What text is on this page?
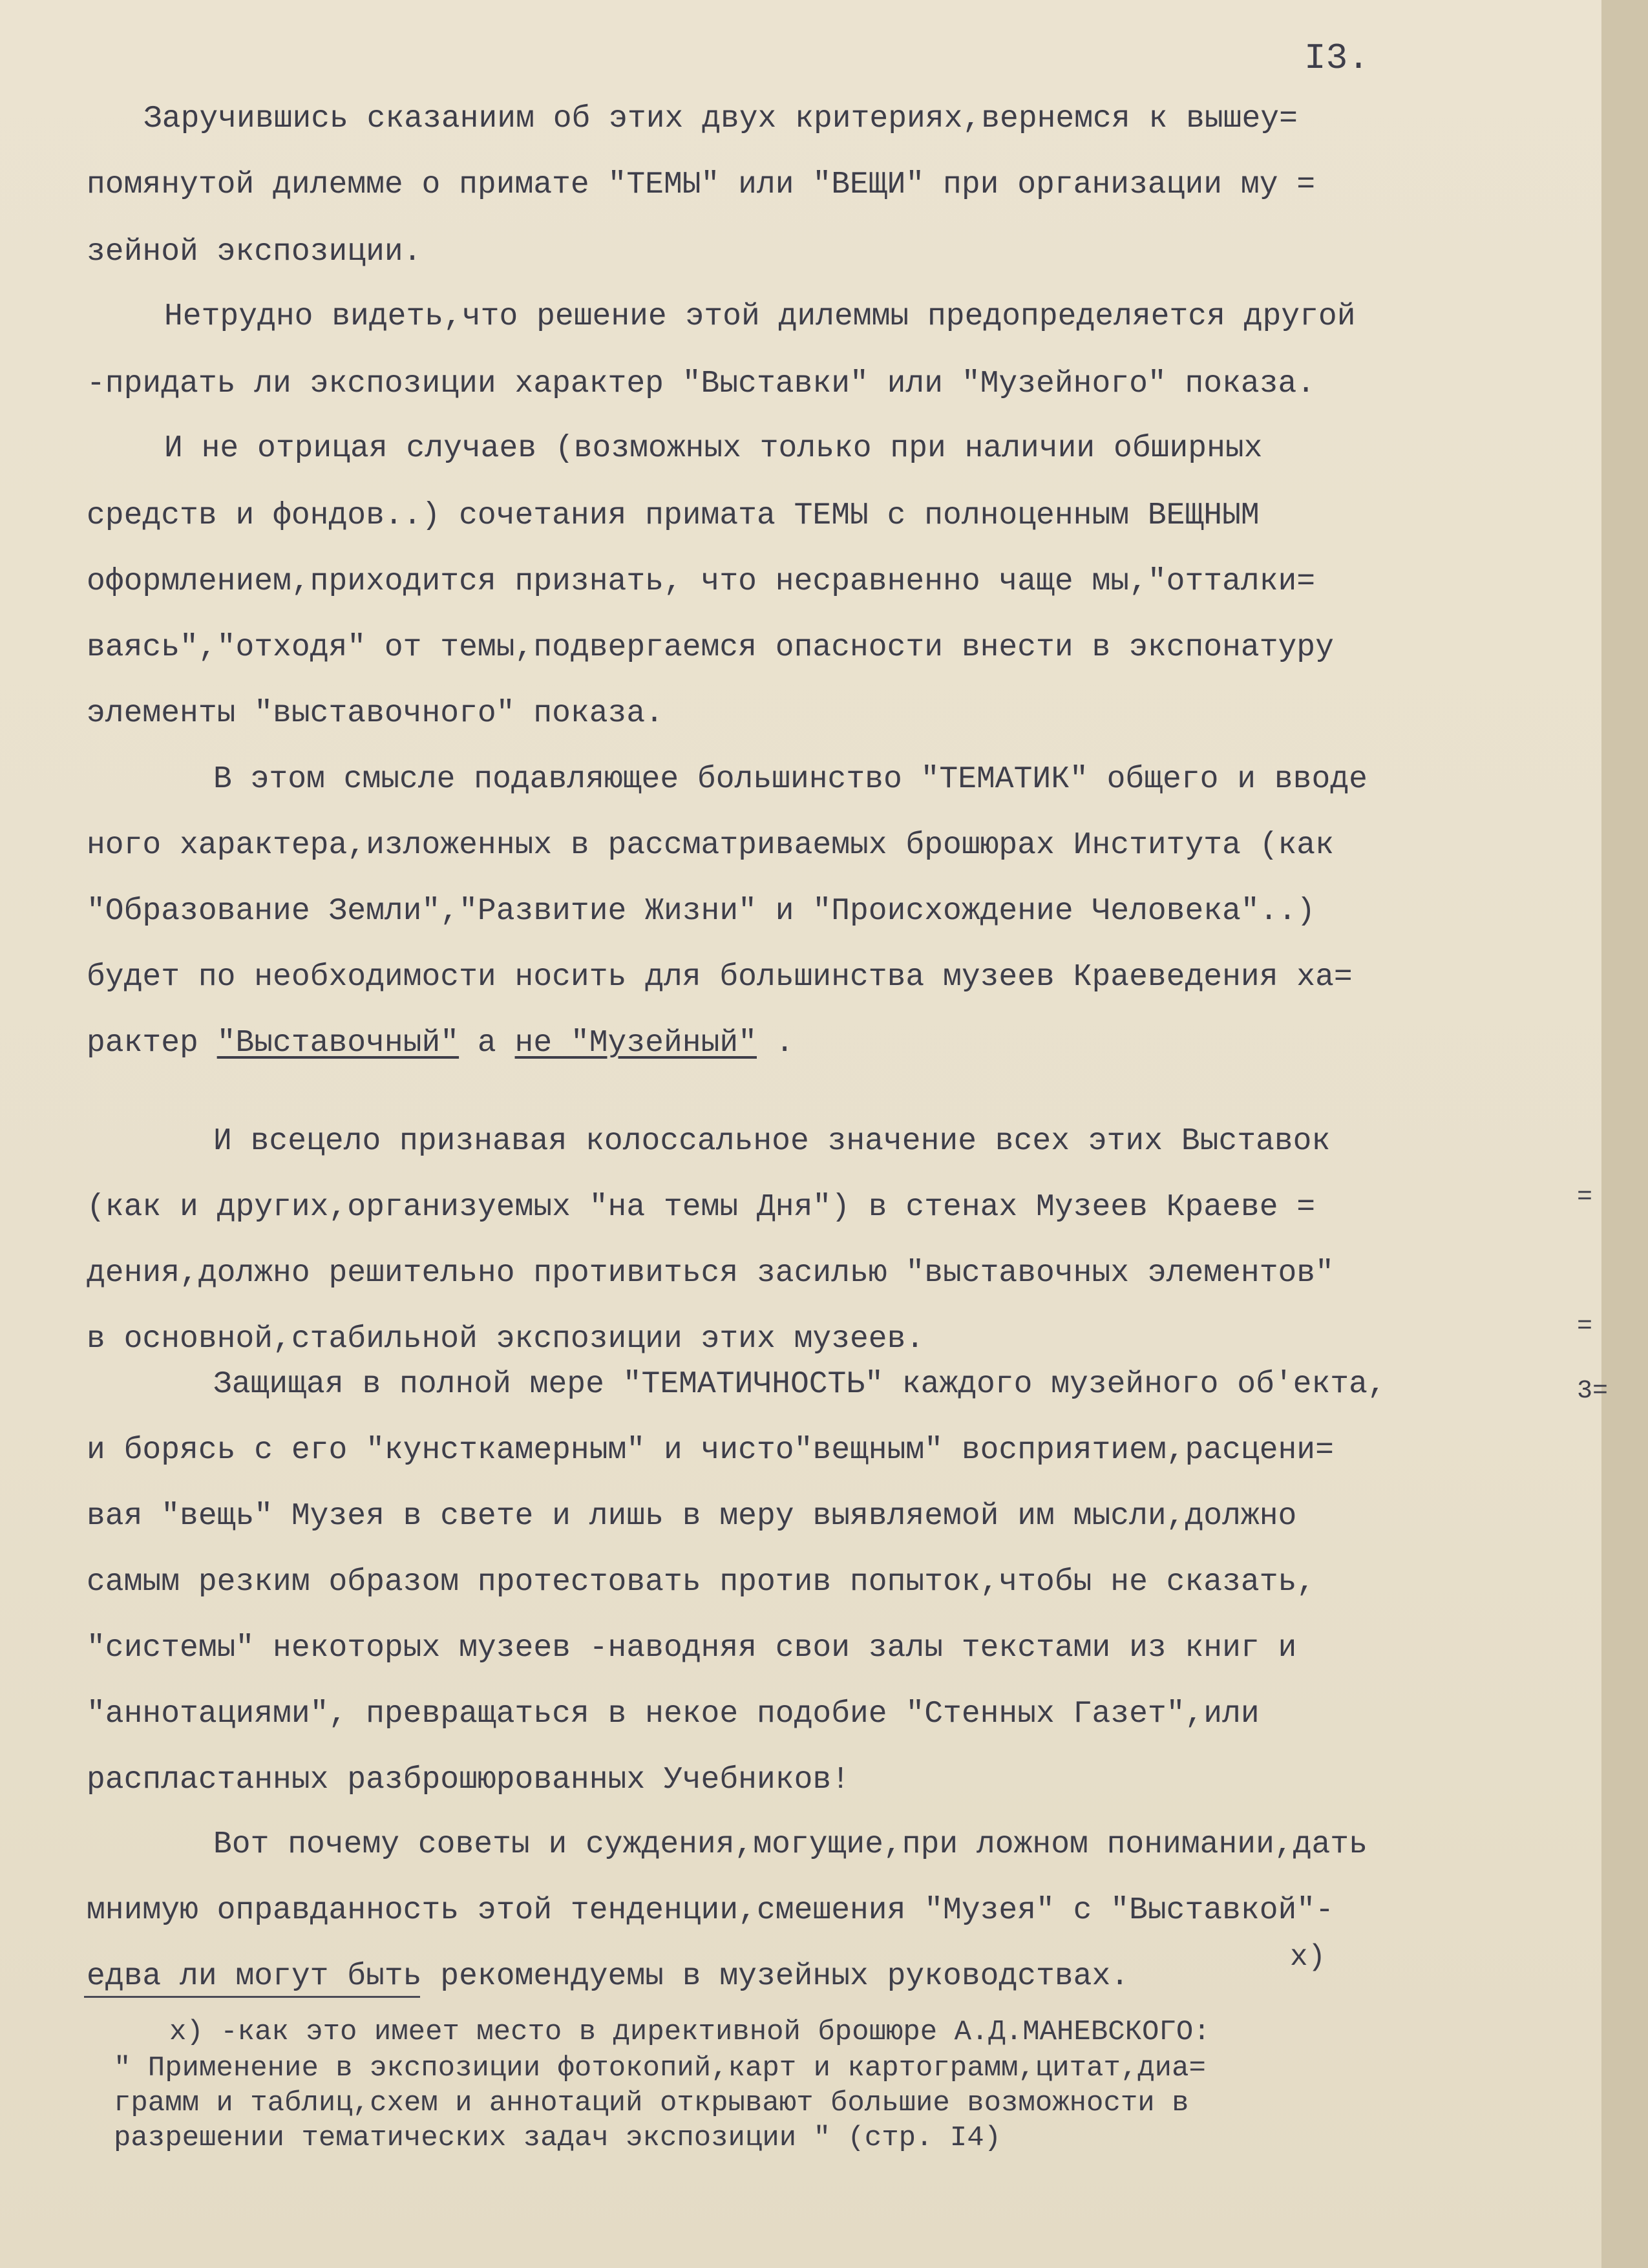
I3.
Заручившись сказаниим об этих двух критериях,вернемся к вышеу=
помянутой дилемме о примате "ТЕМЫ" или "ВЕЩИ" при организации му =
зейной экспозиции.
Нетрудно видеть,что решение этой дилеммы предопределяется другой
-придать ли экспозиции характер "Выставки" или "Музейного" показа.
И не отрицая случаев (возможных только при наличии обширных
средств и фондов..) сочетания примата ТЕМЫ с полноценным ВЕЩНЫМ
оформлением,приходится признать, что несравненно чаще мы,"отталки=
ваясь","отходя" от темы,подвергаемся опасности внести в экспонатуру
элементы "выставочного" показа.
В этом смысле подавляющее большинство "ТЕМАТИК" общего и вводе
ного характера,изложенных в рассматриваемых брошюрах Института (как
"Образование Земли","Развитие Жизни" и "Происхождение Человека"..)
будет по необходимости носить для большинства музеев Краеведения ха=
рактер "Выставочный" а не "Музейный" .
И всецело признавая колоссальное значение всех этих Выставок
(как и других,организуемых "на темы Дня") в стенах Музеев Краеве =
дения,должно решительно противиться засилью "выставочных элементов"
в основной,стабильной экспозиции этих музеев.
Защищая в полной мере "ТЕМАТИЧНОСТЬ" каждого музейного об'екта,
и борясь с его "кунсткамерным" и чисто"вещным" восприятием,расцени=
вая "вещь" Музея в свете и лишь в меру выявляемой им мысли,должно
самым резким образом протестовать против попыток,чтобы не сказать,
"системы" некоторых музеев -наводняя свои залы текстами из книг и
"аннотациями", превращаться в некое подобие "Стенных Газет",или
распластанных разброшюрованных Учебников!
Вот почему советы и суждения,могущие,при ложном понимании,дать
мнимую оправданность этой тенденции,смешения "Музея" с "Выставкой"-
едва ли могут быть рекомендуемы в музейных руководствах.
x)
x) -как это имеет место в директивной брошюре А.Д.МАНЕВСКОГО:
" Применение в экспозиции фотокопий,карт и картограмм,цитат,диа=
грамм и таблиц,схем и аннотаций открывают большие возможности в
разрешении тематических задач экспозиции " (стр. I4)
=
=
3=
